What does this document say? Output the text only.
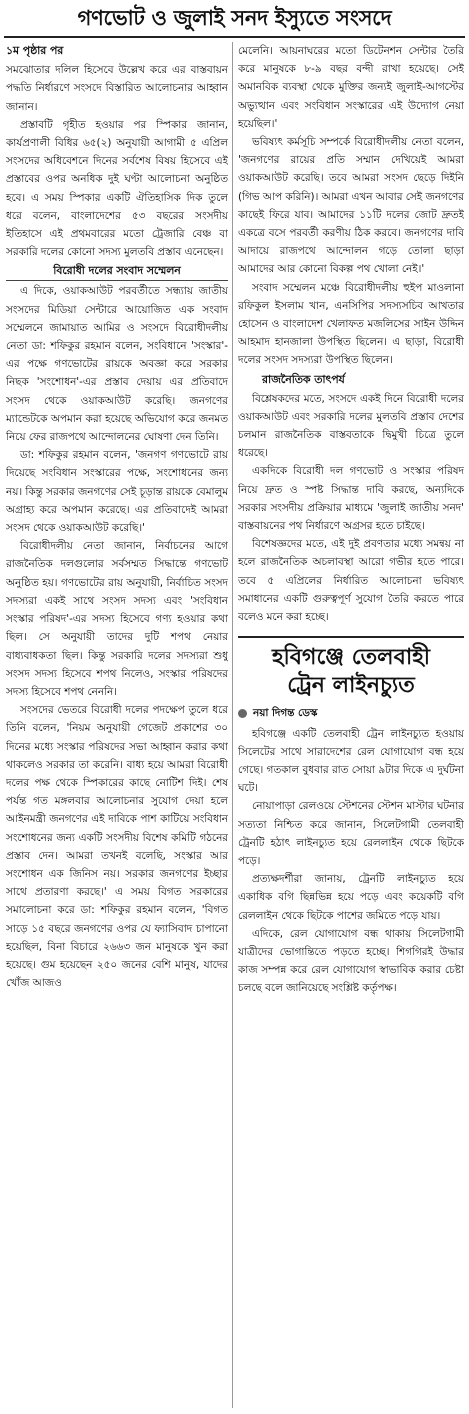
গণভোট ও জুলাই সনদ ইস্যুতে সংসদে
১ম পৃষ্ঠার পর

সমঝোতার দলিল হিসেবে উল্লেখ করে এর বাস্তবায়ন পদ্ধতি নির্ধারণে সংসদে বিস্তারিত আলোচনার আহ্বান জানান।

প্রস্তাবটি গৃহীত হওয়ার পর স্পিকার জানান, কার্যপ্রণালী বিধির ৬৫(২) অনুযায়ী আগামী ৫ এপ্রিল সংসদের অধিবেশনে দিনের সর্বশেষ বিষয় হিসেবে এই প্রস্তাবের ওপর অনধিক দুই ঘণ্টা আলোচনা অনুষ্ঠিত হবে। এ সময় স্পিকার একটি ঐতিহাসিক দিক তুলে ধরে বলেন, বাংলাদেশের ৫৩ বছরের সংসদীয় ইতিহাসে এই প্রথমবারের মতো ট্রেজারি বেঞ্চ বা সরকারি দলের কোনো সদস্য মুলতবি প্রস্তাব এনেছেন।

বিরোধী দলের সংবাদ সম্মেলন

এ দিকে, ওয়াকআউট পরবর্তীতে সন্ধ্যায় জাতীয় সংসদের মিডিয়া সেন্টারে আয়োজিত এক সংবাদ সম্মেলনে জামায়াত আমির ও সংসদে বিরোধীদলীয় নেতা ডা: শফিকুর রহমান বলেন, সংবিধানে 'সংস্কার'-এর পক্ষে গণভোটের রায়কে অবজ্ঞা করে সরকার নিছক 'সংশোধন'-এর প্রস্তাব দেয়ায় এর প্রতিবাদে সংসদ থেকে ওয়াকআউট করেছি। জনগণের ম্যান্ডেটকে অপমান করা হয়েছে অভিযোগ করে জনমত নিয়ে ফের রাজপথে আন্দোলনের ঘোষণা দেন তিনি।

ডা: শফিকুর রহমান বলেন, 'জনগণ গণভোটে রায় দিয়েছে সংবিধান সংস্কারের পক্ষে, সংশোধনের জন্য নয়। কিন্তু সরকার জনগণের সেই চূড়ান্ত রায়কে বেমালুম অগ্রাহ্য করে অপমান করেছে। এর প্রতিবাদেই আমরা সংসদ থেকে ওয়াকআউট করেছি।'

বিরোধীদলীয় নেতা জানান, নির্বাচনের আগে রাজনৈতিক দলগুলোর সর্বসম্মত সিদ্ধান্তে গণভোট অনুষ্ঠিত হয়। গণভোটের রায় অনুযায়ী, নির্বাচিত সংসদ সদস্যরা একই সাথে সংসদ সদস্য এবং 'সংবিধান সংস্কার পরিষদ'-এর সদস্য হিসেবে গণ্য হওয়ার কথা ছিল। সে অনুযায়ী তাদের দুটি শপথ নেয়ার বাধ্যবাধকতা ছিল। কিন্তু সরকারি দলের সদস্যরা শুধু সংসদ সদস্য হিসেবে শপথ নিলেও, সংস্কার পরিষদের সদস্য হিসেবে শপথ নেননি।

সংসদের ভেতরে বিরোধী দলের পদক্ষেপ তুলে ধরে তিনি বলেন, 'নিয়ম অনুযায়ী গেজেট প্রকাশের ৩০ দিনের মধ্যে সংস্কার পরিষদের সভা আহ্বান করার কথা থাকলেও সরকার তা করেনি। বাধ্য হয়ে আমরা বিরোধী দলের পক্ষ থেকে স্পিকারের কাছে নোটিশ দিই। শেষ পর্যন্ত গত মঙ্গলবার আলোচনার সুযোগ দেয়া হলে আইনমন্ত্রী জনগণের এই দাবিকে পাশ কাটিয়ে সংবিধান সংশোধনের জন্য একটি সংসদীয় বিশেষ কমিটি গঠনের প্রস্তাব দেন। আমরা তখনই বলেছি, সংস্কার আর সংশোধন এক জিনিস নয়। সরকার জনগণের ইচ্ছার সাথে প্রতারণা করছে।' এ সময় বিগত সরকারের সমালোচনা করে ডা: শফিকুর রহমান বলেন, 'বিগত সাড়ে ১৫ বছরে জনগণের ওপর যে ফ্যাসিবাদ চাপানো হয়েছিল, বিনা বিচারে ২৬৬৩ জন মানুষকে খুন করা হয়েছে। গুম হয়েছেন ২৫০ জনের বেশি মানুষ, যাদের খোঁজ আজও

মেলেনি। আয়নাঘরের মতো ডিটেনশন সেন্টার তৈরি করে মানুষকে ৮-৯ বছর বন্দী রাখা হয়েছে। সেই অমানবিক ব্যবস্থা থেকে মুক্তির জন্যই জুলাই-আগস্টের অভ্যুত্থান এবং সংবিধান সংস্কারের এই উদ্যোগ নেয়া হয়েছিল।'

ভবিষ্যৎ কর্মসূচি সম্পর্কে বিরোধীদলীয় নেতা বলেন, 'জনগণের রায়ের প্রতি সম্মান দেখিয়েই আমরা ওয়াকআউট করেছি। তবে আমরা সংসদ ছেড়ে দিইনি (গিভ আপ করিনি)। আমরা এখন আবার সেই জনগণের কাছেই ফিরে যাব। আমাদের ১১টি দলের জোট দ্রুতই একত্রে বসে পরবর্তী করণীয় ঠিক করবে। জনগণের দাবি আদায়ে রাজপথে আন্দোলন গড়ে তোলা ছাড়া আমাদের আর কোনো বিকল্প পথ খোলা নেই।'

সংবাদ সম্মেলন মঞ্চে বিরোধীদলীয় হুইপ মাওলানা রফিকুল ইসলাম খান, এনসিপির সদস্যসচিব আখতার হোসেন ও বাংলাদেশ খেলাফত মজলিসের সাইন উদ্দিন আহমাদ হানজালা উপস্থিত ছিলেন। এ ছাড়া, বিরোধী দলের সংসদ সদস্যরা উপস্থিত ছিলেন।

রাজনৈতিক তাৎপর্য

বিশ্লেষকদের মতে, সংসদে একই দিনে বিরোধী দলের ওয়াকআউট এবং সরকারি দলের মুলতবি প্রস্তাব দেশের চলমান রাজনৈতিক বাস্তবতাকে দ্বিমুখী চিত্রে তুলে ধরেছে।

একদিকে বিরোধী দল গণভোট ও সংস্কার পরিষদ নিয়ে দ্রুত ও স্পষ্ট সিদ্ধান্ত দাবি করছে, অন্যদিকে সরকার সংসদীয় প্রক্রিয়ার মাধ্যমে 'জুলাই জাতীয় সনদ' বাস্তবায়নের পথ নির্ধারণে অগ্রসর হতে চাইছে।

বিশেষজ্ঞদের মতে, এই দুই প্রবণতার মধ্যে সমন্বয় না হলে রাজনৈতিক অচলাবস্থা আরো গভীর হতে পারে। তবে ৫ এপ্রিলের নির্ধারিত আলোচনা ভবিষ্যৎ সমাধানের একটি গুরুত্বপূর্ণ সুযোগ তৈরি করতে পারে বলেও মনে করা হচ্ছে।

হবিগঞ্জে তেলবাহী
ট্রেন লাইনচ্যুত
নয়া দিগন্ত ডেস্ক

হবিগঞ্জে একটি তেলবাহী ট্রেন লাইনচ্যুত হওয়ায় সিলেটের সাথে সারাদেশের রেল যোগাযোগ বন্ধ হয়ে গেছে। গতকাল বুধবার রাত সোয়া ৯টার দিকে এ দুর্ঘটনা ঘটে।

নোয়াপাড়া রেলওয়ে স্টেশনের স্টেশন মাস্টার ঘটনার সত্যতা নিশ্চিত করে জানান, সিলেটগামী তেলবাহী ট্রেনটি হঠাৎ লাইনচ্যুত হয়ে রেললাইন থেকে ছিটকে পড়ে।

প্রত্যক্ষদর্শীরা জানায়, ট্রেনটি লাইনচ্যুত হয়ে একাধিক বগি ছিন্নভিন্ন হয়ে পড়ে এবং কয়েকটি বগি রেললাইন থেকে ছিটকে পাশের জমিতে পড়ে যায়।

এদিকে, রেল যোগাযোগ বন্ধ থাকায় সিলেটগামী যাত্রীদের ভোগান্তিতে পড়তে হচ্ছে। শিগগিরই উদ্ধার কাজ সম্পন্ন করে রেল যোগাযোগ স্বাভাবিক করার চেষ্টা চলছে বলে জানিয়েছে সংশ্লিষ্ট কর্তৃপক্ষ।
